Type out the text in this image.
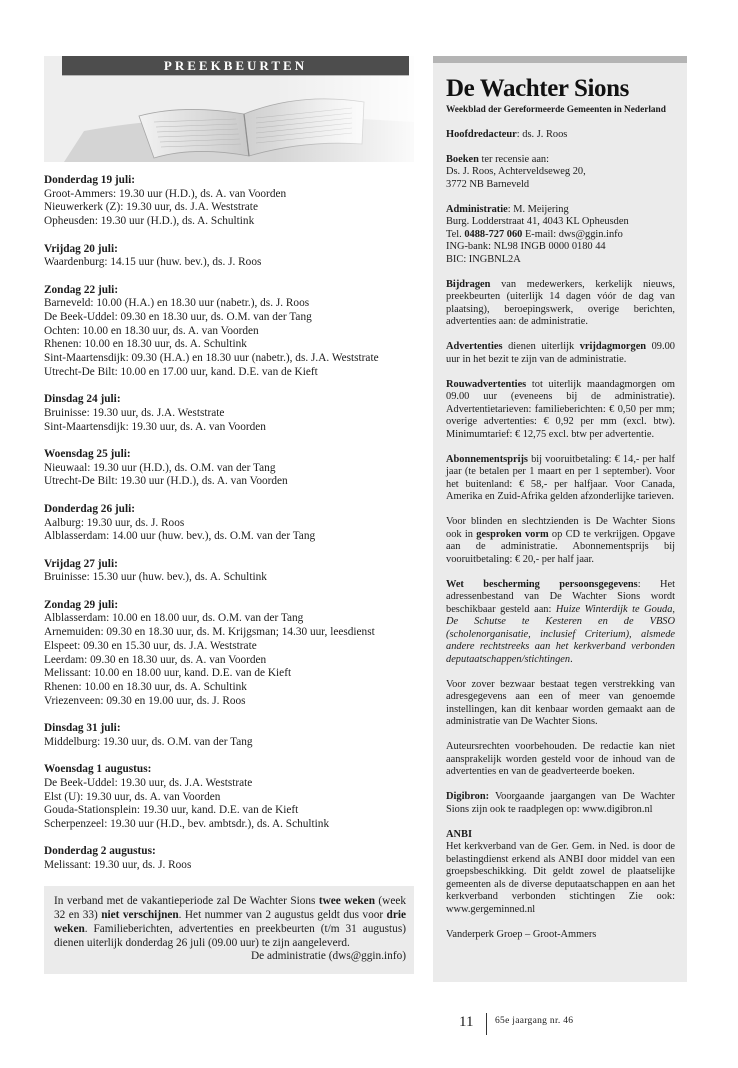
PREEKBEURTEN
Donderdag 19 juli:
Groot-Ammers: 19.30 uur (H.D.), ds. A. van Voorden
Nieuwerkerk (Z): 19.30 uur, ds. J.A. Weststrate
Opheusden: 19.30 uur (H.D.), ds. A. Schultink
Vrijdag 20 juli:
Waardenburg: 14.15 uur (huw. bev.), ds. J. Roos
Zondag 22 juli:
Barneveld: 10.00 (H.A.) en 18.30 uur (nabetr.), ds. J. Roos
De Beek-Uddel: 09.30 en 18.30 uur, ds. O.M. van der Tang
Ochten: 10.00 en 18.30 uur, ds. A. van Voorden
Rhenen: 10.00 en 18.30 uur, ds. A. Schultink
Sint-Maartensdijk: 09.30 (H.A.) en 18.30 uur (nabetr.), ds. J.A. Weststrate
Utrecht-De Bilt: 10.00 en 17.00 uur, kand. D.E. van de Kieft
Dinsdag 24 juli:
Bruinisse: 19.30 uur, ds. J.A. Weststrate
Sint-Maartensdijk: 19.30 uur, ds. A. van Voorden
Woensdag 25 juli:
Nieuwaal: 19.30 uur (H.D.), ds. O.M. van der Tang
Utrecht-De Bilt: 19.30 uur (H.D.), ds. A. van Voorden
Donderdag 26 juli:
Aalburg: 19.30 uur, ds. J. Roos
Alblasserdam: 14.00 uur (huw. bev.), ds. O.M. van der Tang
Vrijdag 27 juli:
Bruinisse: 15.30 uur (huw. bev.), ds. A. Schultink
Zondag 29 juli:
Alblasserdam: 10.00 en 18.00 uur, ds. O.M. van der Tang
Arnemuiden: 09.30 en 18.30 uur, ds. M. Krijgsman; 14.30 uur, leesdienst
Elspeet: 09.30 en 15.30 uur, ds. J.A. Weststrate
Leerdam: 09.30 en 18.30 uur, ds. A. van Voorden
Melissant: 10.00 en 18.00 uur, kand. D.E. van de Kieft
Rhenen: 10.00 en 18.30 uur, ds. A. Schultink
Vriezenveen: 09.30 en 19.00 uur, ds. J. Roos
Dinsdag 31 juli:
Middelburg: 19.30 uur, ds. O.M. van der Tang
Woensdag 1 augustus:
De Beek-Uddel: 19.30 uur, ds. J.A. Weststrate
Elst (U): 19.30 uur, ds. A. van Voorden
Gouda-Stationsplein: 19.30 uur, kand. D.E. van de Kieft
Scherpenzeel: 19.30 uur (H.D., bev. ambtsdr.), ds. A. Schultink
Donderdag 2 augustus:
Melissant: 19.30 uur, ds. J. Roos
In verband met de vakantieperiode zal De Wachter Sions twee weken (week 32 en 33) niet verschijnen. Het nummer van 2 augustus geldt dus voor drie weken. Familieberichten, advertenties en preekbeurten (t/m 31 augustus) dienen uiterlijk donderdag 26 juli (09.00 uur) te zijn aangeleverd.
De administratie (dws@ggin.info)
De Wachter Sions
Weekblad der Gereformeerde Gemeenten in Nederland
Hoofdredacteur: ds. J. Roos
Boeken ter recensie aan:
Ds. J. Roos, Achterveldseweg 20,
3772 NB Barneveld
Administratie: M. Meijering
Burg. Lodderstraat 41, 4043 KL Opheusden
Tel. 0488-727 060 E-mail: dws@ggin.info
ING-bank: NL98 INGB 0000 0180 44
BIC: INGBNL2A
Bijdragen van medewerkers, kerkelijk nieuws, preekbeurten (uiterlijk 14 dagen vóór de dag van plaatsing), beroepingswerk, overige berichten, advertenties aan: de administratie.
Advertenties dienen uiterlijk vrijdagmorgen 09.00 uur in het bezit te zijn van de administratie.
Rouwadvertenties tot uiterlijk maandagmorgen om 09.00 uur (eveneens bij de administratie). Advertentietarieven: familieberichten: € 0,50 per mm; overige advertenties: € 0,92 per mm (excl. btw). Minimumtarief: € 12,75 excl. btw per advertentie.
Abonnementsprijs bij vooruitbetaling: € 14,- per half jaar (te betalen per 1 maart en per 1 september). Voor het buitenland: € 58,- per halfjaar. Voor Canada, Amerika en Zuid-Afrika gelden afzonderlijke tarieven.
Voor blinden en slechtzienden is De Wachter Sions ook in gesproken vorm op CD te verkrijgen. Opgave aan de administratie. Abonnementsprijs bij vooruitbetaling: € 20,- per half jaar.
Wet bescherming persoonsgegevens: Het adressenbestand van De Wachter Sions wordt beschikbaar gesteld aan: Huize Winterdijk te Gouda, De Schutse te Kesteren en de VBSO (scholenorganisatie, inclusief Criterium), alsmede andere rechtstreeks aan het kerkverband verbonden deputaatschappen/stichtingen.
Voor zover bezwaar bestaat tegen verstrekking van adresgegevens aan een of meer van genoemde instellingen, kan dit kenbaar worden gemaakt aan de administratie van De Wachter Sions.
Auteursrechten voorbehouden. De redactie kan niet aansprakelijk worden gesteld voor de inhoud van de advertenties en van de geadverteerde boeken.
Digibron: Voorgaande jaargangen van De Wachter Sions zijn ook te raadplegen op: www.digibron.nl
ANBI
Het kerkverband van de Ger. Gem. in Ned. is door de belastingdienst erkend als ANBI door middel van een groepsbeschikking. Dit geldt zowel de plaatselijke gemeenten als de diverse deputaatschappen en aan het kerkverband verbonden stichtingen Zie ook: www.gergeminned.nl
Vanderperk Groep – Groot-Ammers
11 65e jaargang nr. 46
